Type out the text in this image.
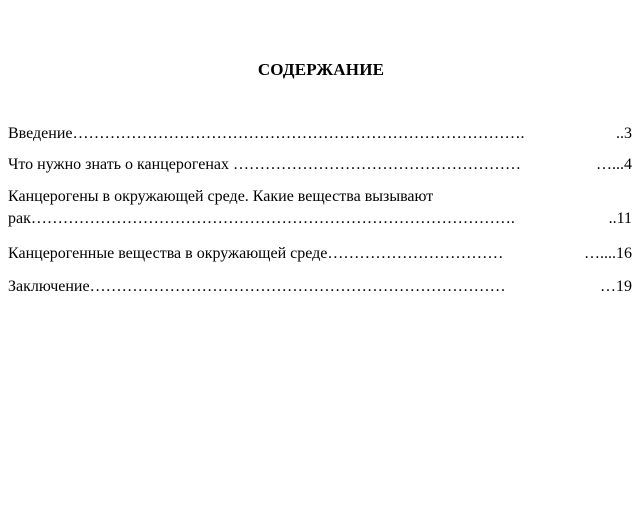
СОДЕРЖАНИЕ
Введение………………………………………………………………………….	..3
Что нужно знать о канцерогенах ………………………………………………	…...4
Канцерогены в окружающей среде. Какие вещества вызывают
рак……………………………………………………………………………….	..11
Канцерогенные вещества в окружающей среде……………………………	…....16
Заключение……………………………………………………………………	…19
